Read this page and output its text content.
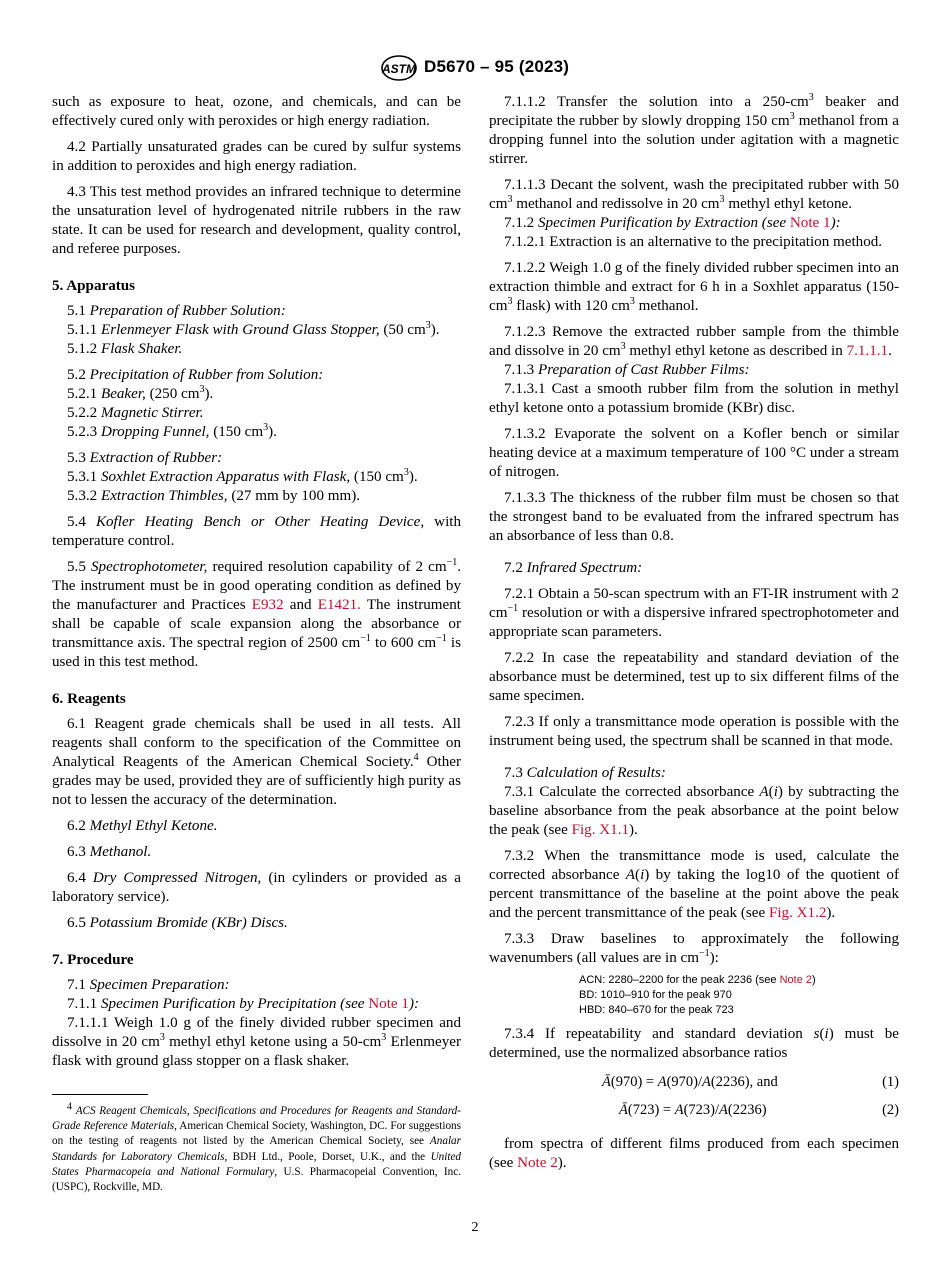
ASTM D5670 – 95 (2023)

such as exposure to heat, ozone, and chemicals, and can be effectively cured only with peroxides or high energy radiation.

4.2 Partially unsaturated grades can be cured by sulfur systems in addition to peroxides and high energy radiation.

4.3 This test method provides an infrared technique to determine the unsaturation level of hydrogenated nitrile rubbers in the raw state. It can be used for research and development, quality control, and referee purposes.

5. Apparatus

5.1 Preparation of Rubber Solution:

5.1.1 Erlenmeyer Flask with Ground Glass Stopper, (50 $cm^3$).

5.1.2 Flask Shaker.

5.2 Precipitation of Rubber from Solution:

5.2.1 Beaker, (250 $cm^3$).

5.2.2 Magnetic Stirrer.

5.2.3 Dropping Funnel, (150 $cm^3$).

5.3 Extraction of Rubber:

5.3.1 Soxhlet Extraction Apparatus with Flask, (150 $cm^3$).

5.3.2 Extraction Thimbles, (27 mm by 100 mm).

5.4 Kofler Heating Bench or Other Heating Device, with temperature control.

5.5 Spectrophotometer, required resolution capability of 2 $cm^{-1}$. The instrument must be in good operating condition as defined by the manufacturer and Practices E932 and E1421. The instrument shall be capable of scale expansion along the absorbance or transmittance axis. The spectral region of 2500 $cm^{-1}$ to 600 $cm^{-1}$ is used in this test method.

6. Reagents

6.1 Reagent grade chemicals shall be used in all tests. All reagents shall conform to the specification of the Committee on Analytical Reagents of the American Chemical Society.$^4$ Other grades may be used, provided they are of sufficiently high purity as not to lessen the accuracy of the determination.

6.2 Methyl Ethyl Ketone.

6.3 Methanol.

6.4 Dry Compressed Nitrogen, (in cylinders or provided as a laboratory service).

6.5 Potassium Bromide (KBr) Discs.

7. Procedure

7.1 Specimen Preparation:

7.1.1 Specimen Purification by Precipitation (see Note 1):

7.1.1.1 Weigh 1.0 g of the finely divided rubber specimen and dissolve in 20 $cm^3$ methyl ethyl ketone using a $50-cm^3$ Erlenmeyer flask with ground glass stopper on a flask shaker.

$^4$ ACS Reagent Chemicals, Specifications and Procedures for Reagents and Standard-Grade Reference Materials, American Chemical Society, Washington, DC. For suggestions on the testing of reagents not listed by the American Chemical Society, see Analar Standards for Laboratory Chemicals, BDH Ltd., Poole, Dorset, U.K., and the United States Pharmacopeia and National Formulary, U.S. Pharmacopeial Convention, Inc. (USPC), Rockville, MD.

7.1.1.2 Transfer the solution into a $250-cm^3$ beaker and precipitate the rubber by slowly dropping 150 $cm^3$ methanol from a dropping funnel into the solution under agitation with a magnetic stirrer.

7.1.1.3 Decant the solvent, wash the precipitated rubber with 50 $cm^3$ methanol and redissolve in 20 $cm^3$ methyl ethyl ketone.

7.1.2 Specimen Purification by Extraction (see Note 1):

7.1.2.1 Extraction is an alternative to the precipitation method.

7.1.2.2 Weigh 1.0 g of the finely divided rubber specimen into an extraction thimble and extract for 6 h in a Soxhlet apparatus ($150-cm^3$ flask) with 120 $cm^3$ methanol.

7.1.2.3 Remove the extracted rubber sample from the thimble and dissolve in 20 $cm^3$ methyl ethyl ketone as described in 7.1.1.1.

7.1.3 Preparation of Cast Rubber Films:

7.1.3.1 Cast a smooth rubber film from the solution in methyl ethyl ketone onto a potassium bromide (KBr) disc.

7.1.3.2 Evaporate the solvent on a Kofler bench or similar heating device at a maximum temperature of 100 °C under a stream of nitrogen.

7.1.3.3 The thickness of the rubber film must be chosen so that the strongest band to be evaluated from the infrared spectrum has an absorbance of less than 0.8.

7.2 Infrared Spectrum:

7.2.1 Obtain a 50-scan spectrum with an FT-IR instrument with 2 $cm^{-1}$ resolution or with a dispersive infrared spectrophotometer and appropriate scan parameters.

7.2.2 In case the repeatability and standard deviation of the absorbance must be determined, test up to six different films of the same specimen.

7.2.3 If only a transmittance mode operation is possible with the instrument being used, the spectrum shall be scanned in that mode.

7.3 Calculation of Results:

7.3.1 Calculate the corrected absorbance A(i) by subtracting the baseline absorbance from the peak absorbance at the point below the peak (see Fig. X1.1).

7.3.2 When the transmittance mode is used, calculate the corrected absorbance A(i) by taking the log10 of the quotient of percent transmittance of the baseline at the point above the peak and the percent transmittance of the peak (see Fig. X1.2).

7.3.3 Draw baselines to approximately the following wavenumbers (all values are in $cm^{-1}$):

ACN: 2280–2200 for the peak 2236 (see Note 2)
BD: 1010–910 for the peak 970
HBD: 840–670 for the peak 723

7.3.4 If repeatability and standard deviation s(i) must be determined, use the normalized absorbance ratios

Ā(970) = A(970)/A(2236), and	(1)
Ā(723) = A(723)/A(2236)	(2)

from spectra of different films produced from each specimen (see Note 2).

2
